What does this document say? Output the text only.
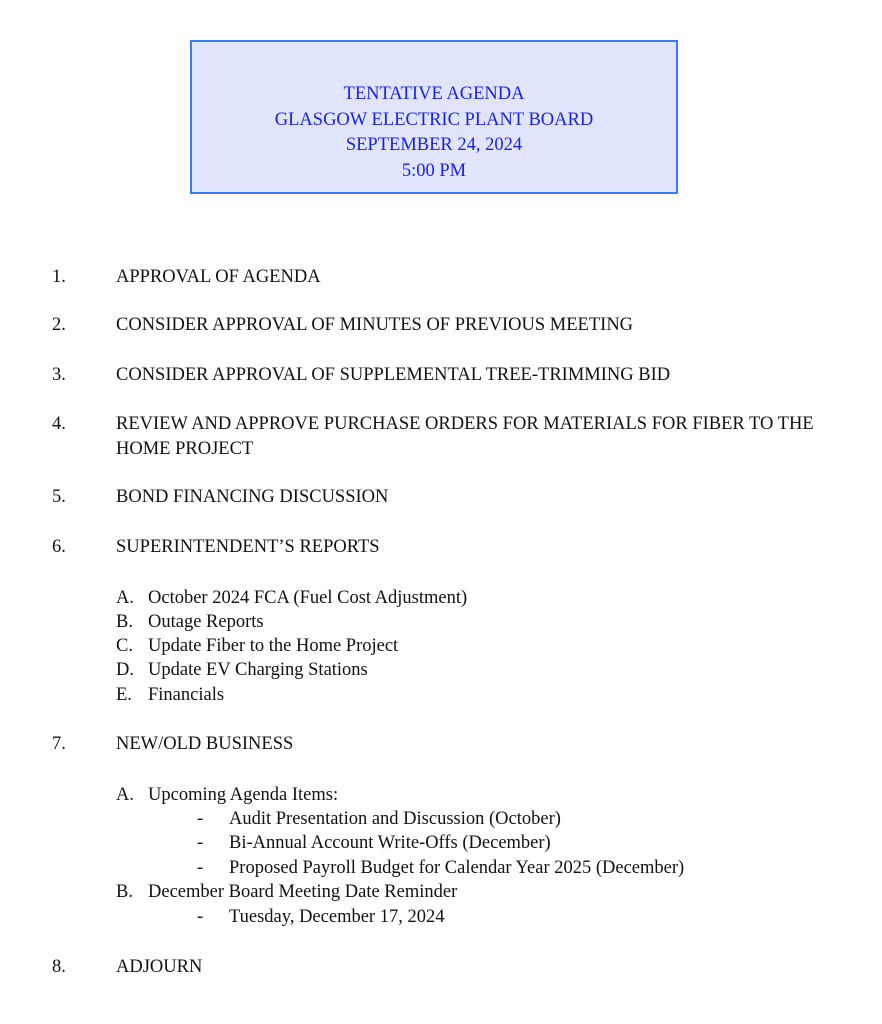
TENTATIVE AGENDA
GLASGOW ELECTRIC PLANT BOARD
SEPTEMBER 24, 2024
5:00 PM
1.	APPROVAL OF AGENDA
2.	CONSIDER APPROVAL OF MINUTES OF PREVIOUS MEETING
3.	CONSIDER APPROVAL OF SUPPLEMENTAL TREE-TRIMMING BID
4.	REVIEW AND APPROVE PURCHASE ORDERS FOR MATERIALS FOR FIBER TO THE HOME PROJECT
5.	BOND FINANCING DISCUSSION
6.	SUPERINTENDENT’S REPORTS
A. October 2024 FCA (Fuel Cost Adjustment)
B. Outage Reports
C. Update Fiber to the Home Project
D. Update EV Charging Stations
E. Financials
7.	NEW/OLD BUSINESS
A. Upcoming Agenda Items:
- Audit Presentation and Discussion (October)
- Bi-Annual Account Write-Offs (December)
- Proposed Payroll Budget for Calendar Year 2025 (December)
B. December Board Meeting Date Reminder
- Tuesday, December 17, 2024
8.	ADJOURN
